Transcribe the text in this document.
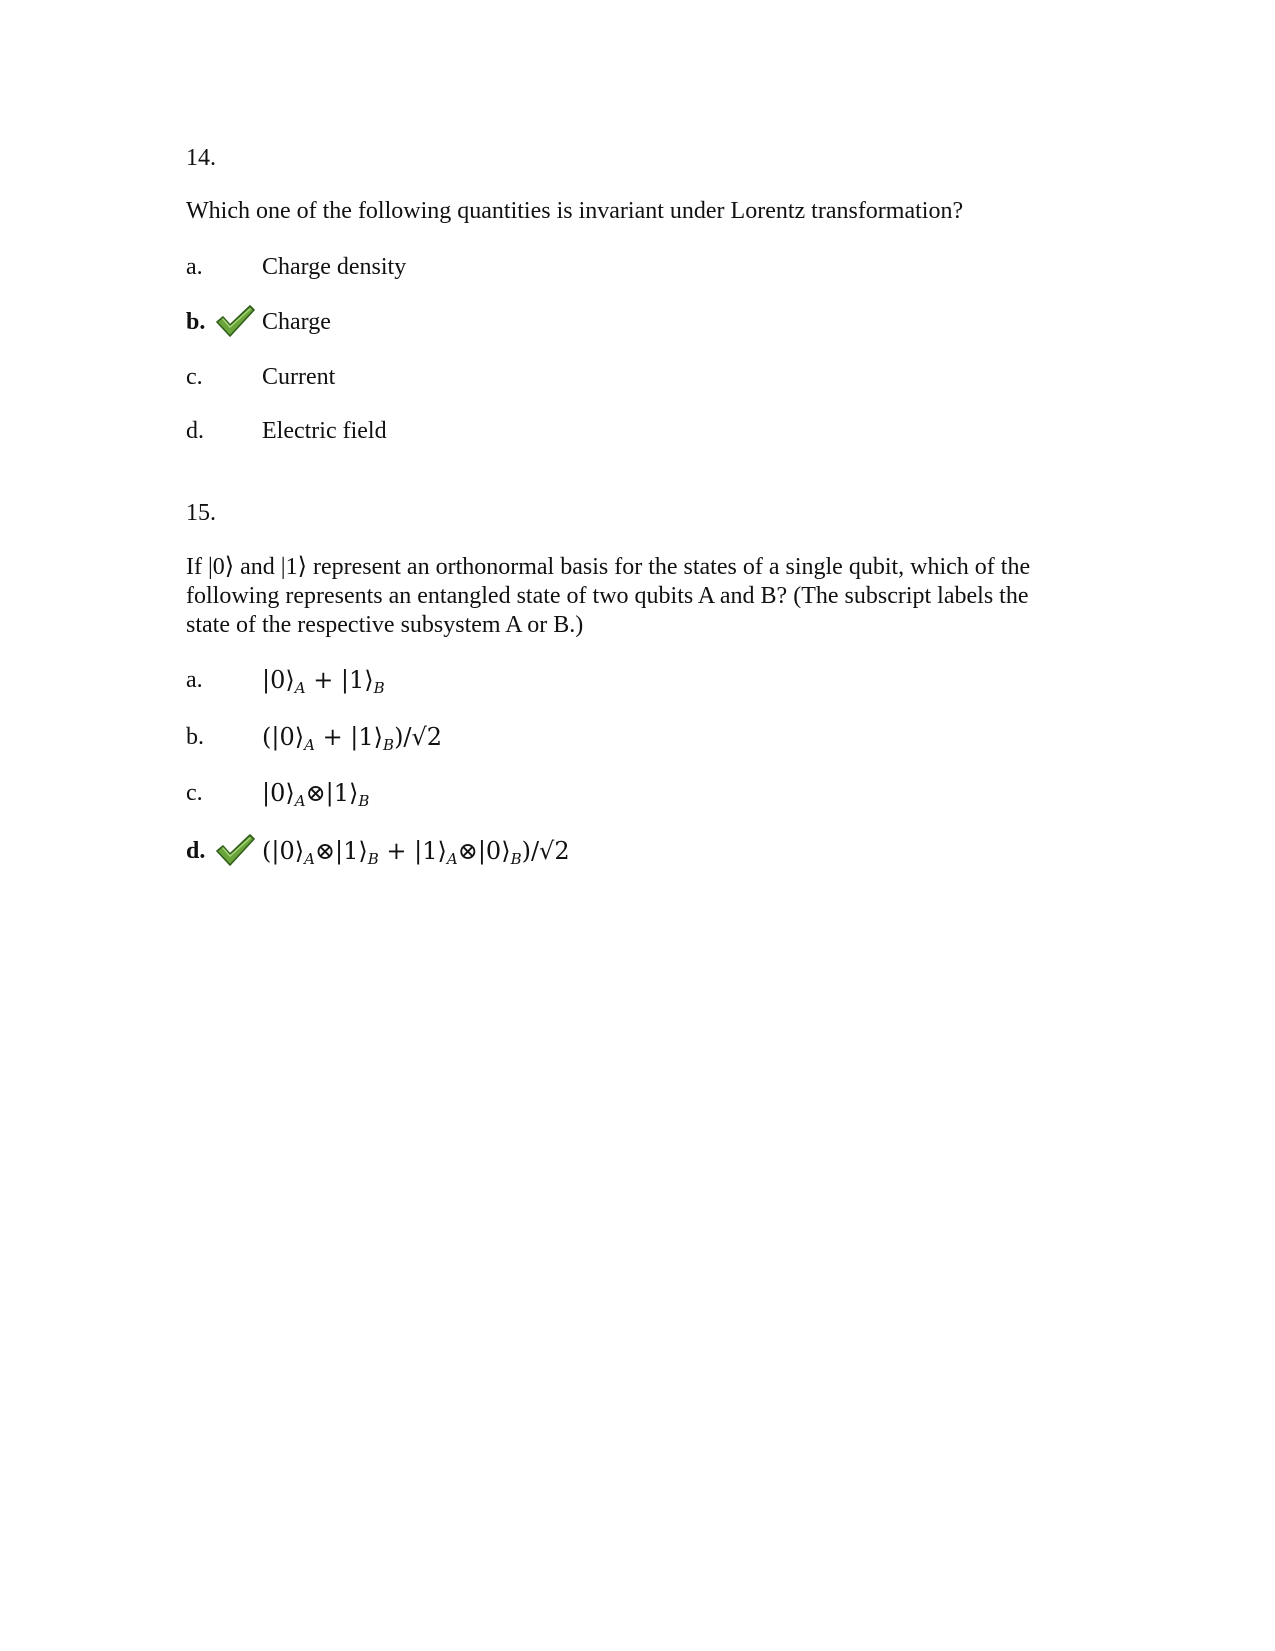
14.
Which one of the following quantities is invariant under Lorentz transformation?
a. Charge density
b. Charge
c. Current
d. Electric field
15.
If |0⟩ and |1⟩ represent an orthonormal basis for the states of a single qubit, which of the
following represents an entangled state of two qubits A and B? (The subscript labels the
state of the respective subsystem A or B.)
a. $|0⟩_A$ + $|1⟩_B$
b. ($|0⟩_A$ + $|1⟩_B)/√2$
c. $|0⟩_A\otimes|1⟩_B$
d. ($|0⟩_A\otimes|1⟩_B$ + $|1⟩_A\otimes|0⟩_B)/√2$
